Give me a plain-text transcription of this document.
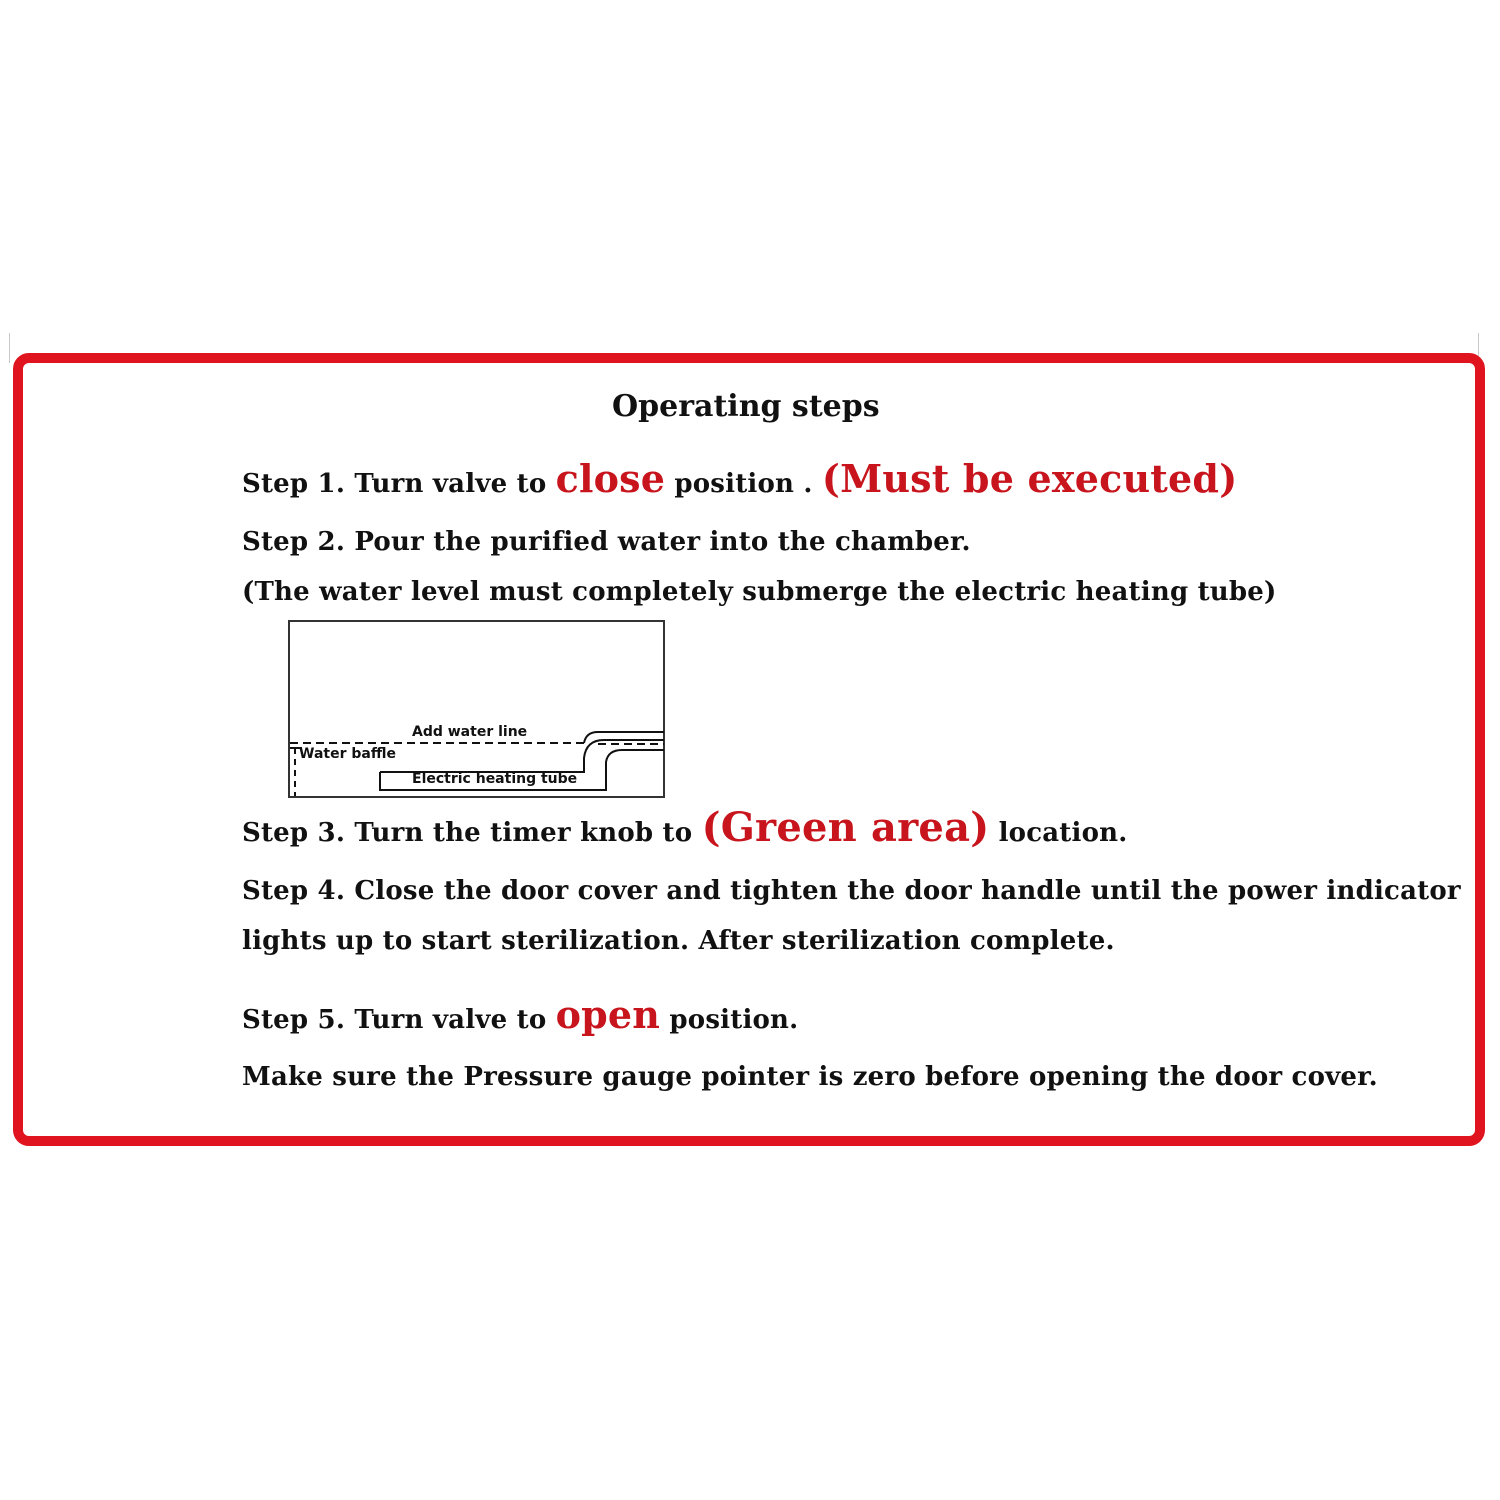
Operating steps
Step 1. Turn valve to close position . (Must be executed)
Step 2. Pour the purified water into the chamber.
(The water level must completely submerge the electric heating tube)
Add water line
Water baffle
Electric heating tube
Step 3. Turn the timer knob to (Green area) location.
Step 4. Close the door cover and tighten the door handle until the power indicator
lights up to start sterilization. After sterilization complete.
Step 5. Turn valve to open position.
Make sure the Pressure gauge pointer is zero before opening the door cover.
